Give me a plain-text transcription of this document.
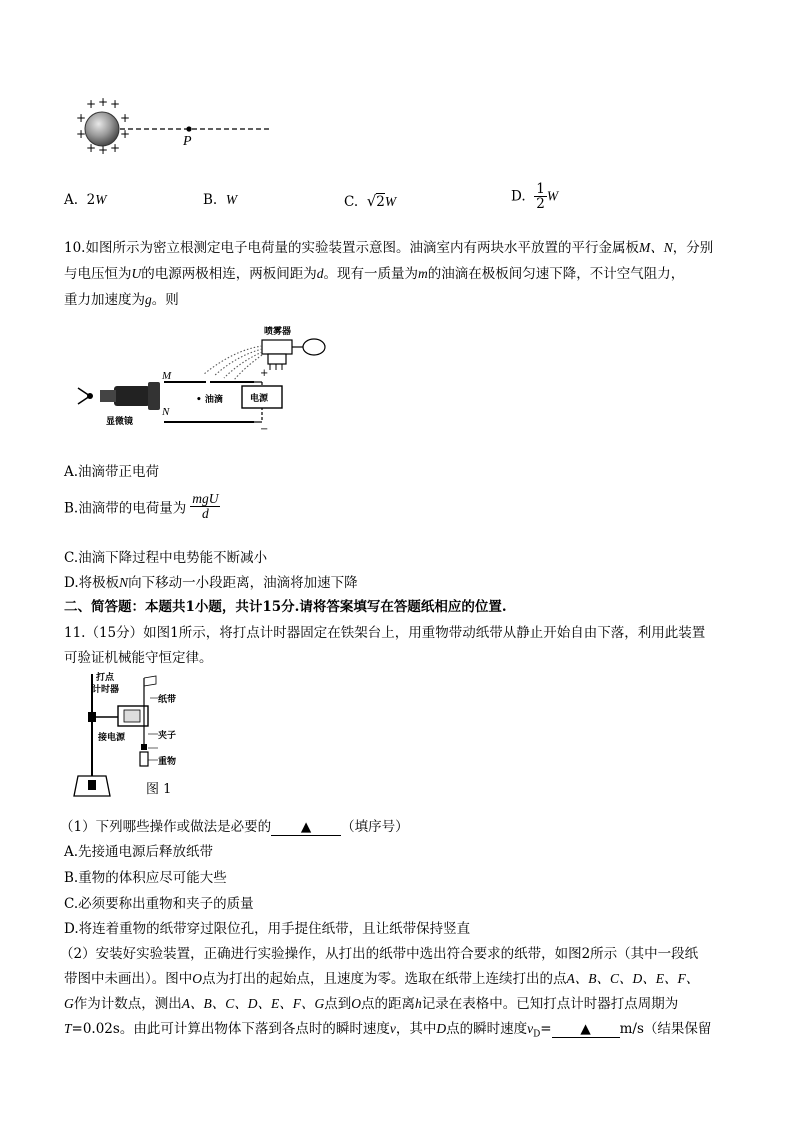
+ + +
+	+
+	+
+ + +	P
A. 2W	B. W	C. √2W	D. $\frac{1}{2}$ W
10.如图所示为密立根测定电子电荷量的实验装置示意图。油滴室内有两块水平放置的平行金属板M、N，分别
与电压恒为U的电源两极相连，两板间距为d。现有一质量为m的油滴在极板间匀速下降，不计空气阻力，
重力加速度为g。则
喷雾器
显微镜
• 油滴	电源
M
N
+
−
A.油滴带正电荷
B.油滴带的电荷量为 $\frac{\text{mgU}}{d}$
C.油滴下降过程中电势能不断减小
D.将极板N向下移动一小段距离，油滴将加速下降
二、简答题：本题共1小题，共计15分.请将答案填写在答题纸相应的位置.
11.（15分）如图1所示，将打点计时器固定在铁架台上，用重物带动纸带从静止开始自由下落，利用此装置
可验证机械能守恒定律。
打点
计时器
纸带
接电源	夹子
重物
图 1
（1）下列哪些操作或做法是必要的 ▲ （填序号）
A.先接通电源后释放纸带
B.重物的体积应尽可能大些
C.必须要称出重物和夹子的质量
D.将连着重物的纸带穿过限位孔，用手提住纸带，且让纸带保持竖直
（2）安装好实验装置，正确进行实验操作，从打出的纸带中选出符合要求的纸带，如图2所示（其中一段纸
带图中未画出）。图中O点为打出的起始点，且速度为零。选取在纸带上连续打出的点A、B、C、D、E、F、
G作为计数点，测出A、B、C、D、E、F、G点到O点的距离h记录在表格中。已知打点计时器打点周期为
T=0.02s。由此可计算出物体下落到各点时的瞬时速度v，其中D点的瞬时速度$v_D=$ ▲ m/s（结果保留
